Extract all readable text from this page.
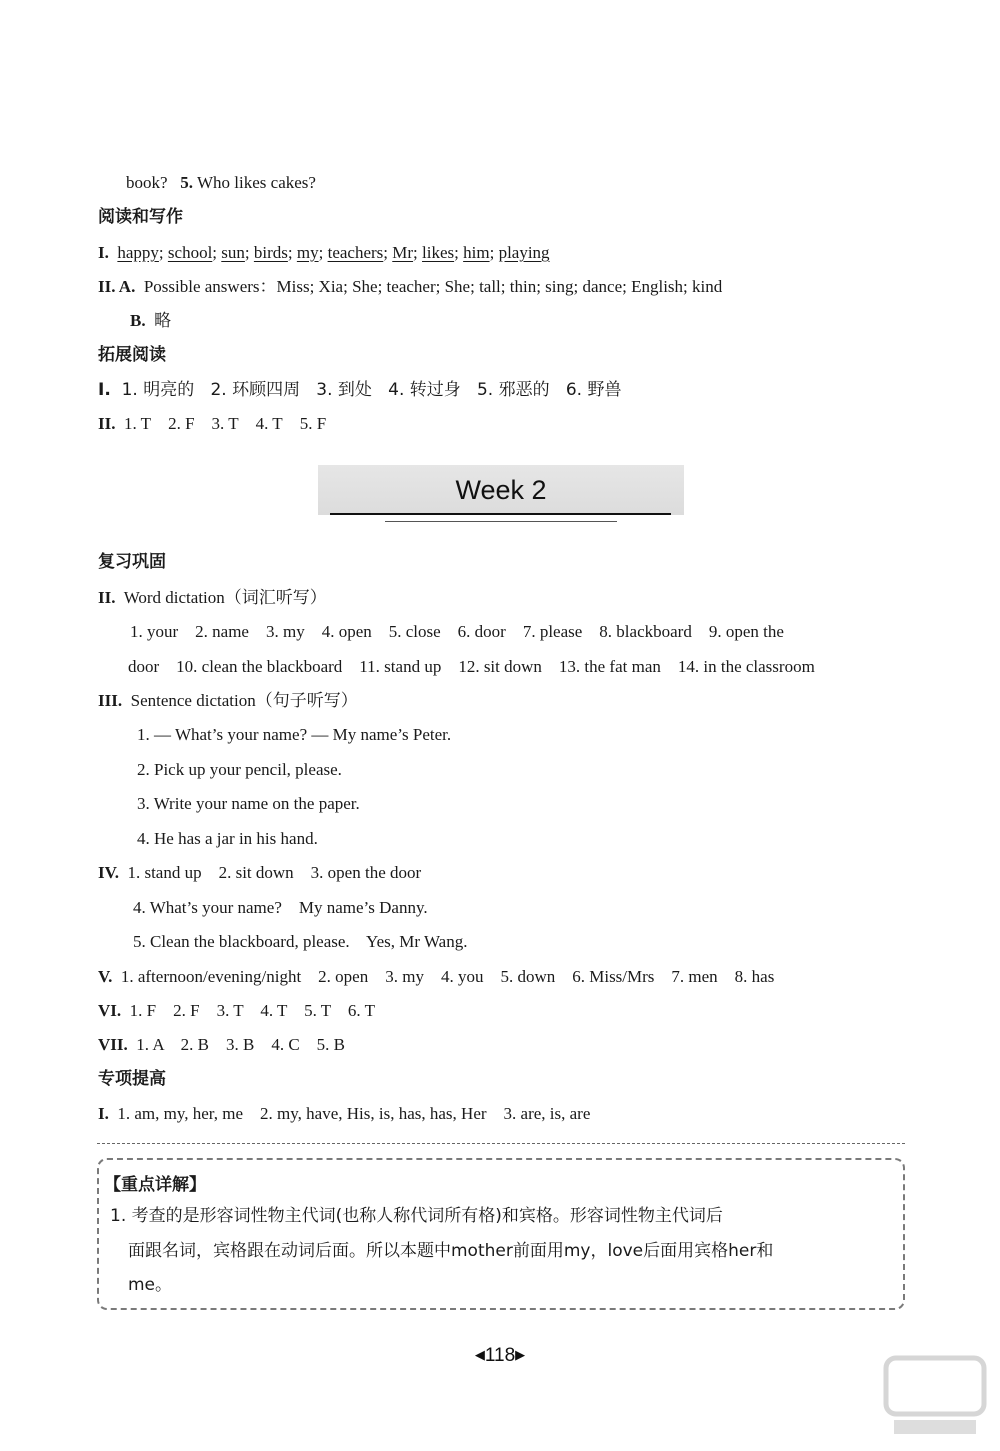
book? 5. Who likes cakes?
阅读和写作
I. happy; school; sun; birds; my; teachers; Mr; likes; him; playing
II. A. Possible answers：Miss; Xia; She; teacher; She; tall; thin; sing; dance; English; kind
B. 略
拓展阅读
I. 1. 明亮的 2. 环顾四周 3. 到处 4. 转过身 5. 邪恶的 6. 野兽
II. 1. T 2. F 3. T 4. T 5. F
Week 2
复习巩固
II. Word dictation（词汇听写）
1. your    2. name    3. my    4. open    5. close    6. door    7. please    8. blackboard    9. open the
door    10. clean the blackboard    11. stand up    12. sit down    13. the fat man    14. in the classroom
III. Sentence dictation（句子听写）
1. — What’s your name? — My name’s Peter.
2. Pick up your pencil, please.
3. Write your name on the paper.
4. He has a jar in his hand.
IV. 1. stand up    2. sit down    3. open the door
4. What’s your name?    My name’s Danny.
5. Clean the blackboard, please.    Yes, Mr Wang.
V. 1. afternoon/evening/night    2. open    3. my    4. you    5. down    6. Miss/Mrs    7. men    8. has
VI. 1. F    2. F    3. T    4. T    5. T    6. T
VII. 1. A    2. B    3. B    4. C    5. B
专项提高
I. 1. am, my, her, me    2. my, have, His, is, has, has, Her    3. are, is, are
【重点详解】
1. 考查的是形容词性物主代词(也称人称代词所有格)和宾格。形容词性物主代词后
面跟名词，宾格跟在动词后面。所以本题中mother前面用my，love后面用宾格her和
me。
◀118▶
